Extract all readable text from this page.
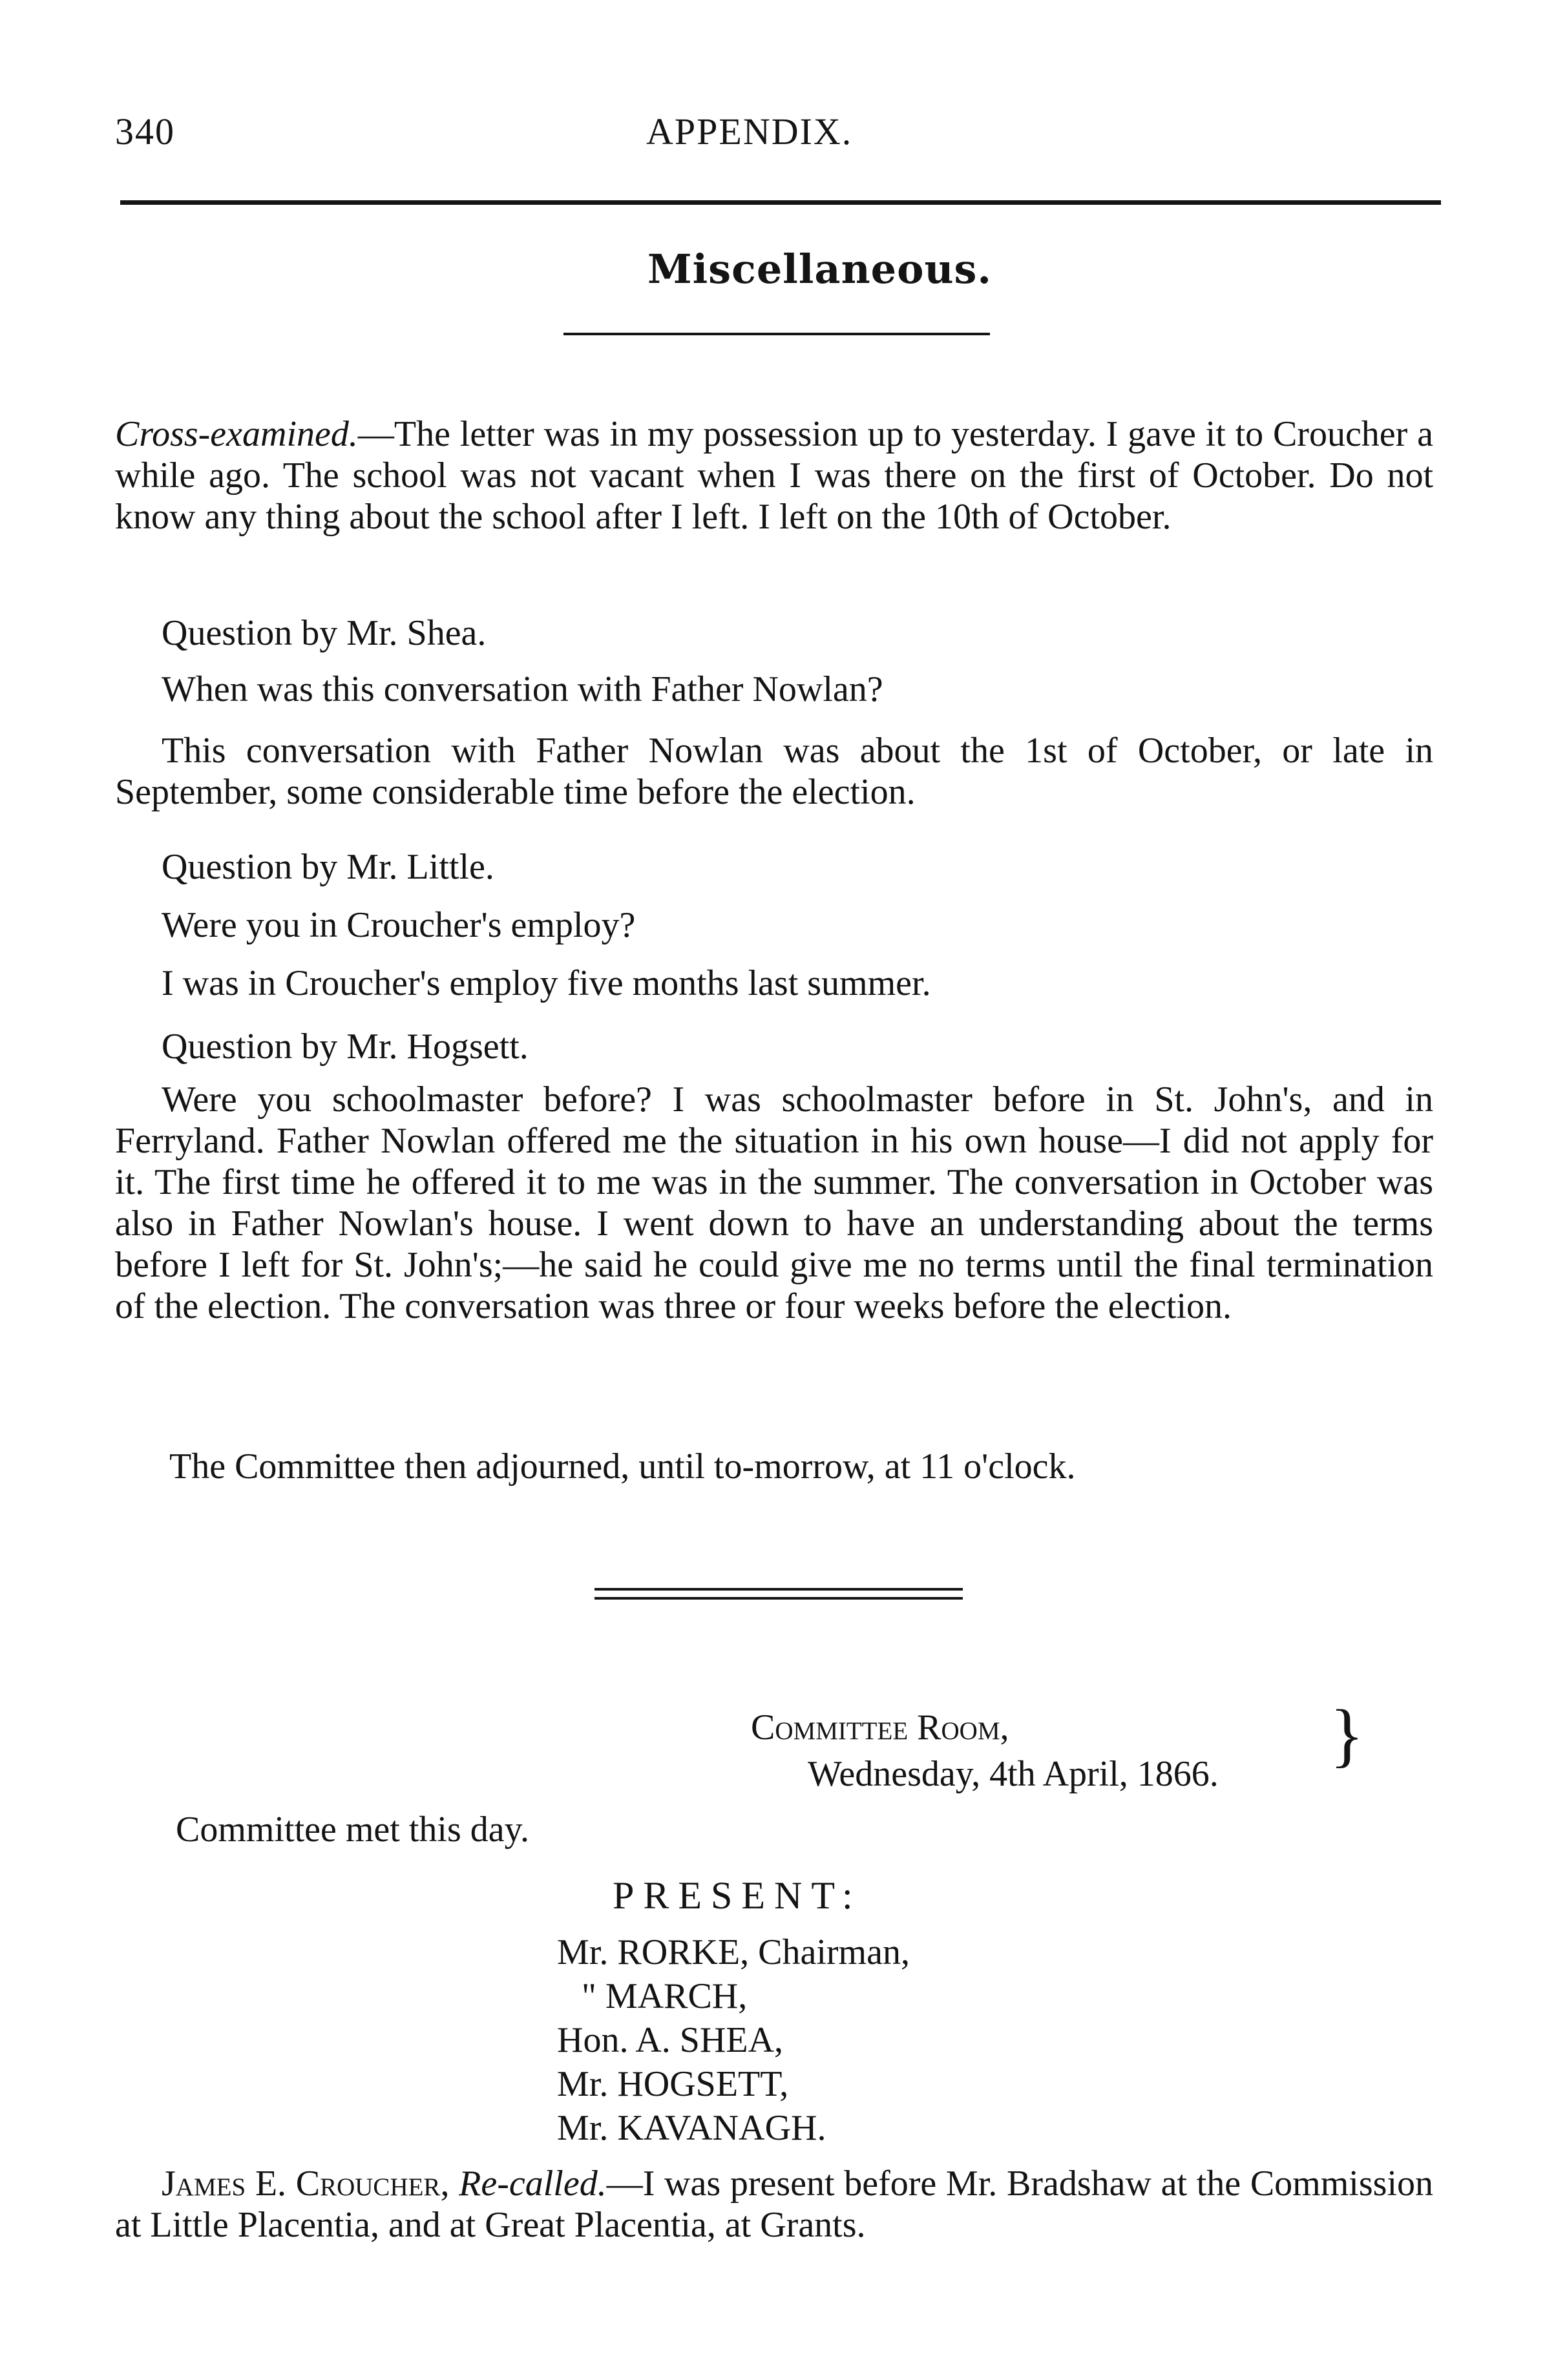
340	APPENDIX.
Miscellaneous.

Cross-examined.—The letter was in my possession up to yesterday. I gave it to Croucher a while ago. The school was not vacant when I was there on the first of October. Do not know any thing about the school after I left. I left on the 10th of October.

Question by Mr. Shea.
When was this conversation with Father Nowlan?

This conversation with Father Nowlan was about the 1st of October, or late in September, some considerable time before the election.

Question by Mr. Little.
Were you in Croucher's employ?
I was in Croucher's employ five months last summer.
Question by Mr. Hogsett.

Were you schoolmaster before? I was schoolmaster before in St. John's, and in Ferryland. Father Nowlan offered me the situation in his own house—I did not apply for it. The first time he offered it to me was in the summer. The conversation in October was also in Father Nowlan's house. I went down to have an understanding about the terms before I left for St. John's;—he said he could give me no terms until the final termination of the election. The conversation was three or four weeks before the election.

The Committee then adjourned, until to-morrow, at 11 o'clock.
Committee Room,
Wednesday, 4th April, 1866. }
Committee met this day.
PRESENT:
Mr. RORKE, Chairman,
" MARCH,
Hon. A. SHEA,
Mr. HOGSETT,
Mr. KAVANAGH.

James E. Croucher, Re-called.—I was present before Mr. Bradshaw at the Commission at Little Placentia, and at Great Placentia, at Grants.
